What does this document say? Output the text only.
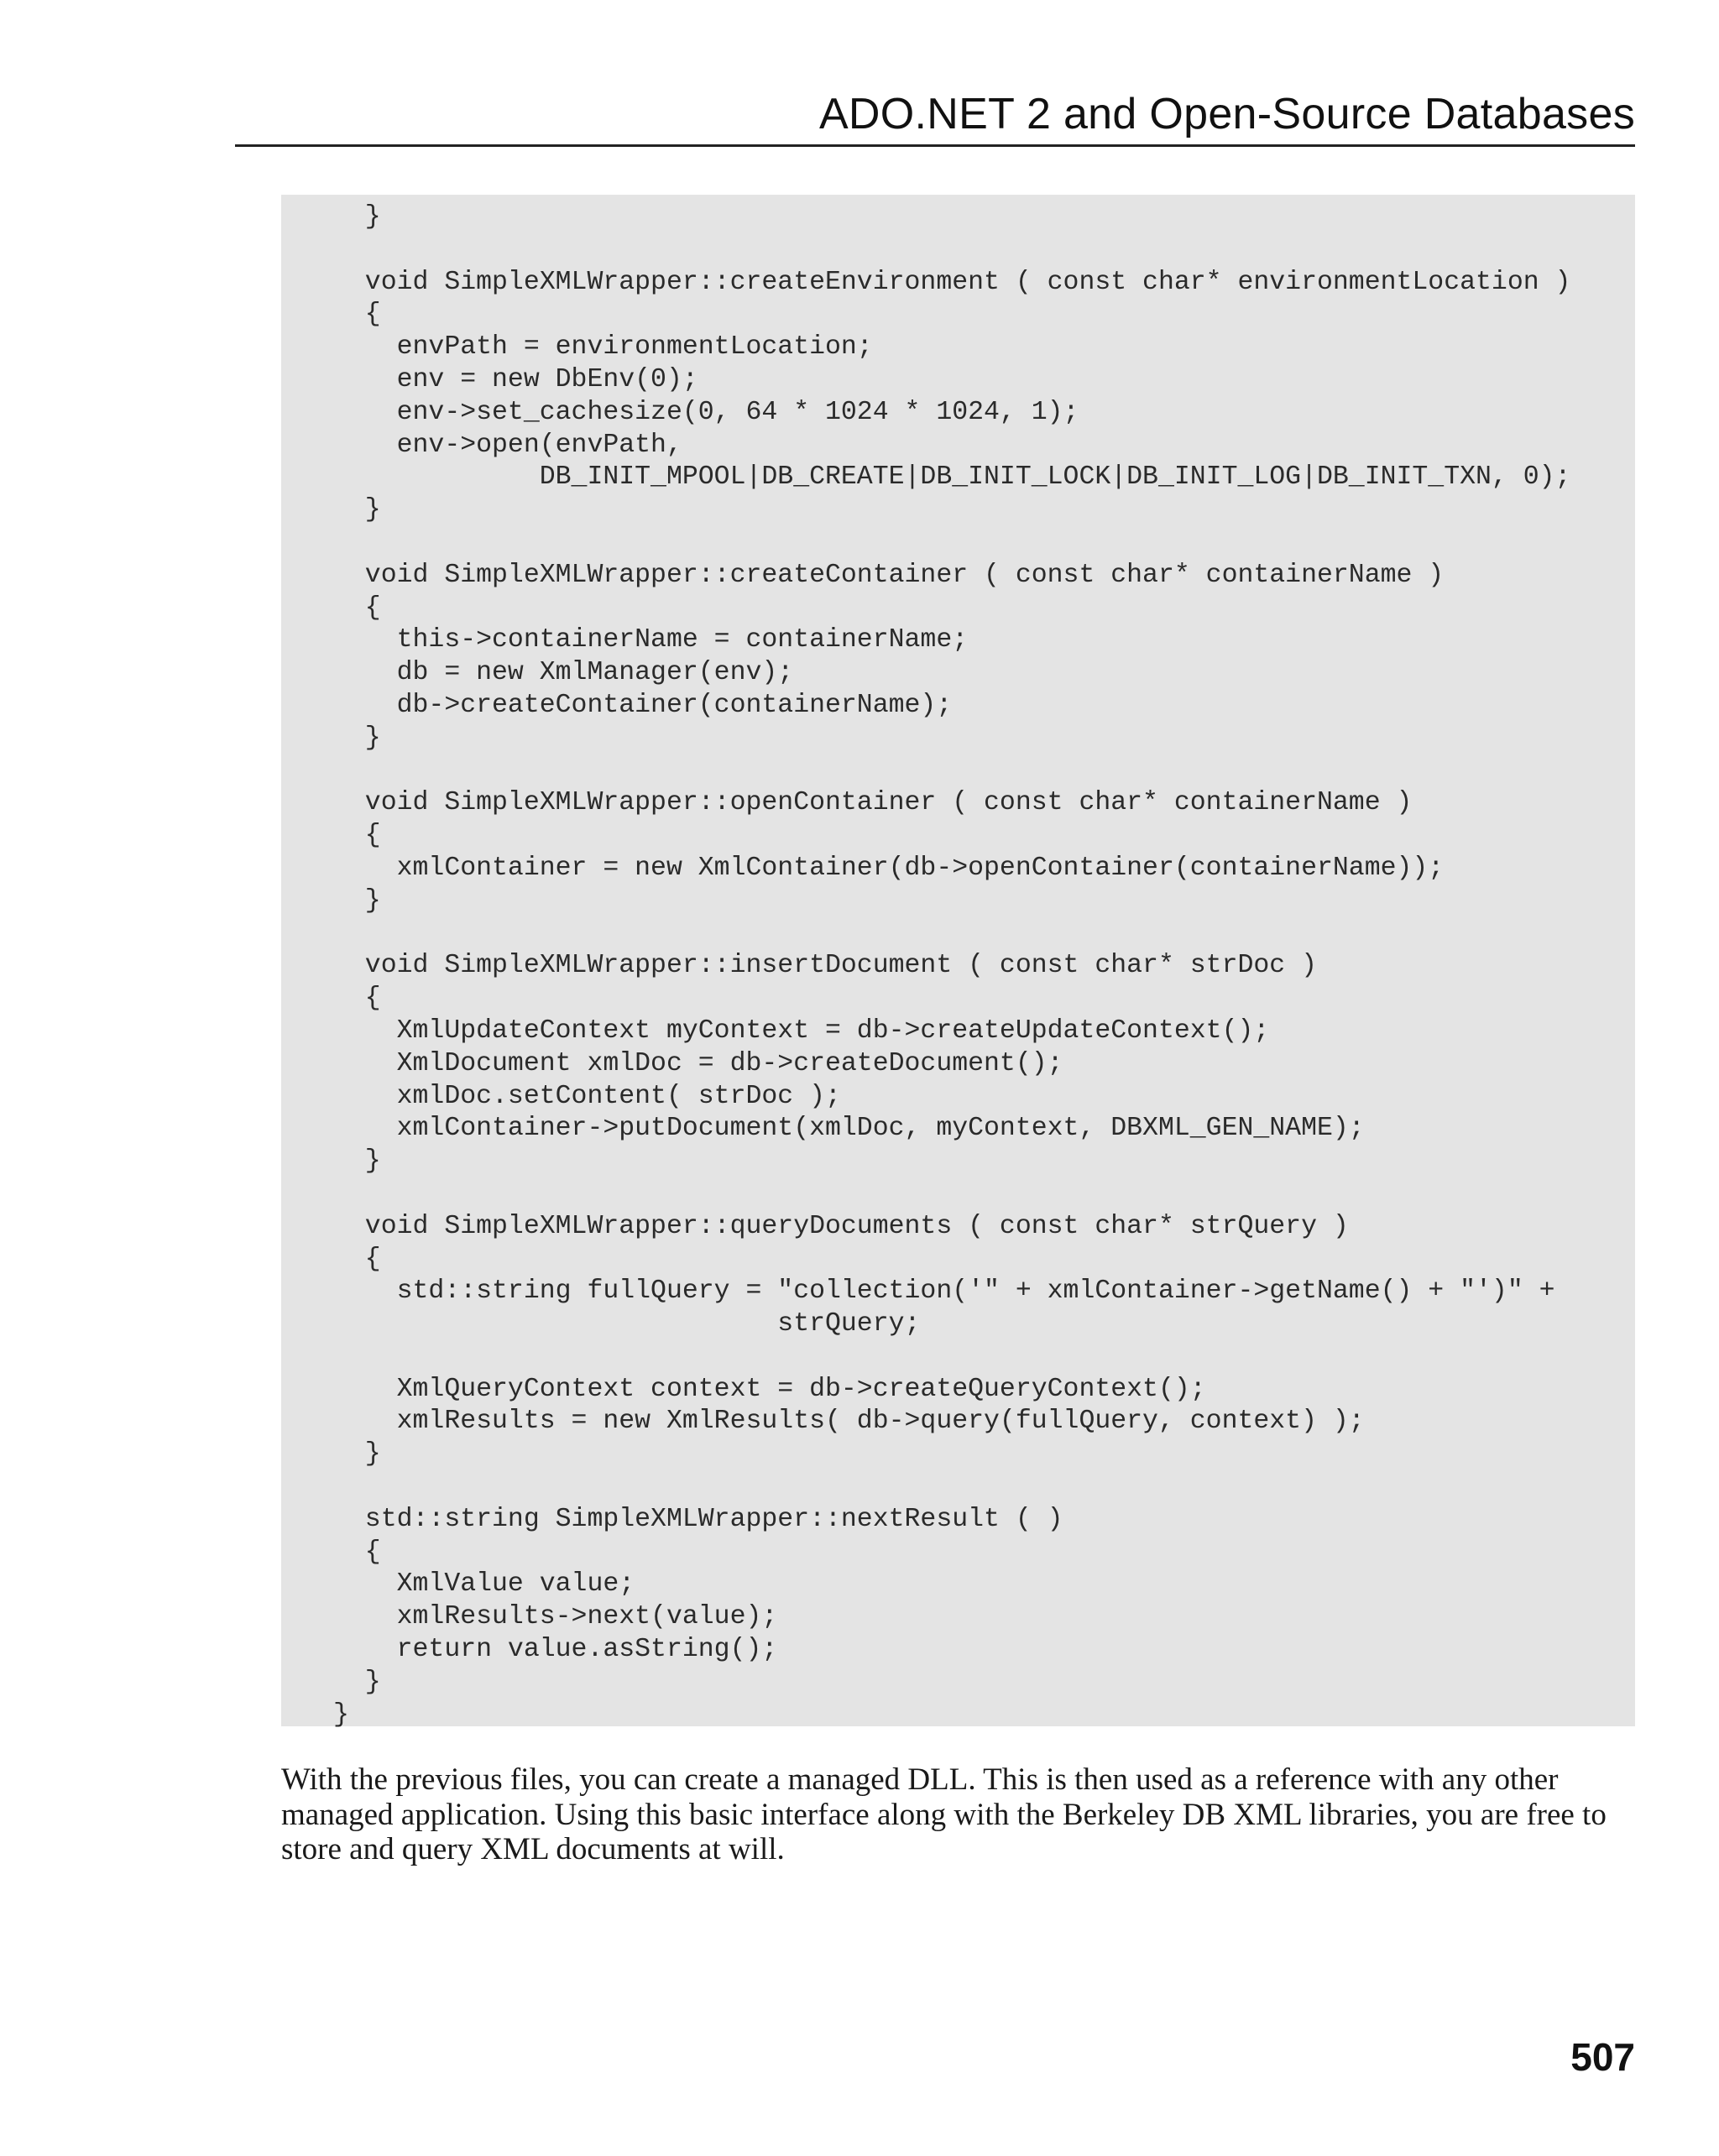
ADO.NET 2 and Open-Source Databases
}

void SimpleXMLWrapper::createEnvironment ( const char* environmentLocation )
{
envPath = environmentLocation;
env = new DbEnv(0);
env->set_cachesize(0, 64 * 1024 * 1024, 1);
env->open(envPath,
DB_INIT_MPOOL|DB_CREATE|DB_INIT_LOCK|DB_INIT_LOG|DB_INIT_TXN, 0);
}

void SimpleXMLWrapper::createContainer ( const char* containerName )
{
this->containerName = containerName;
db = new XmlManager(env);
db->createContainer(containerName);
}

void SimpleXMLWrapper::openContainer ( const char* containerName )
{
xmlContainer = new XmlContainer(db->openContainer(containerName));
}

void SimpleXMLWrapper::insertDocument ( const char* strDoc )
{
XmlUpdateContext myContext = db->createUpdateContext();
XmlDocument xmlDoc = db->createDocument();
xmlDoc.setContent( strDoc );
xmlContainer->putDocument(xmlDoc, myContext, DBXML_GEN_NAME);
}

void SimpleXMLWrapper::queryDocuments ( const char* strQuery )
{
std::string fullQuery = "collection('" + xmlContainer->getName() + "')" +
strQuery;

XmlQueryContext context = db->createQueryContext();
xmlResults = new XmlResults( db->query(fullQuery, context) );
}

std::string SimpleXMLWrapper::nextResult ( )
{
XmlValue value;
xmlResults->next(value);
return value.asString();
}
}

With the previous files, you can create a managed DLL. This is then used as a reference with any other managed application. Using this basic interface along with the Berkeley DB XML libraries, you are free to store and query XML documents at will.

507
